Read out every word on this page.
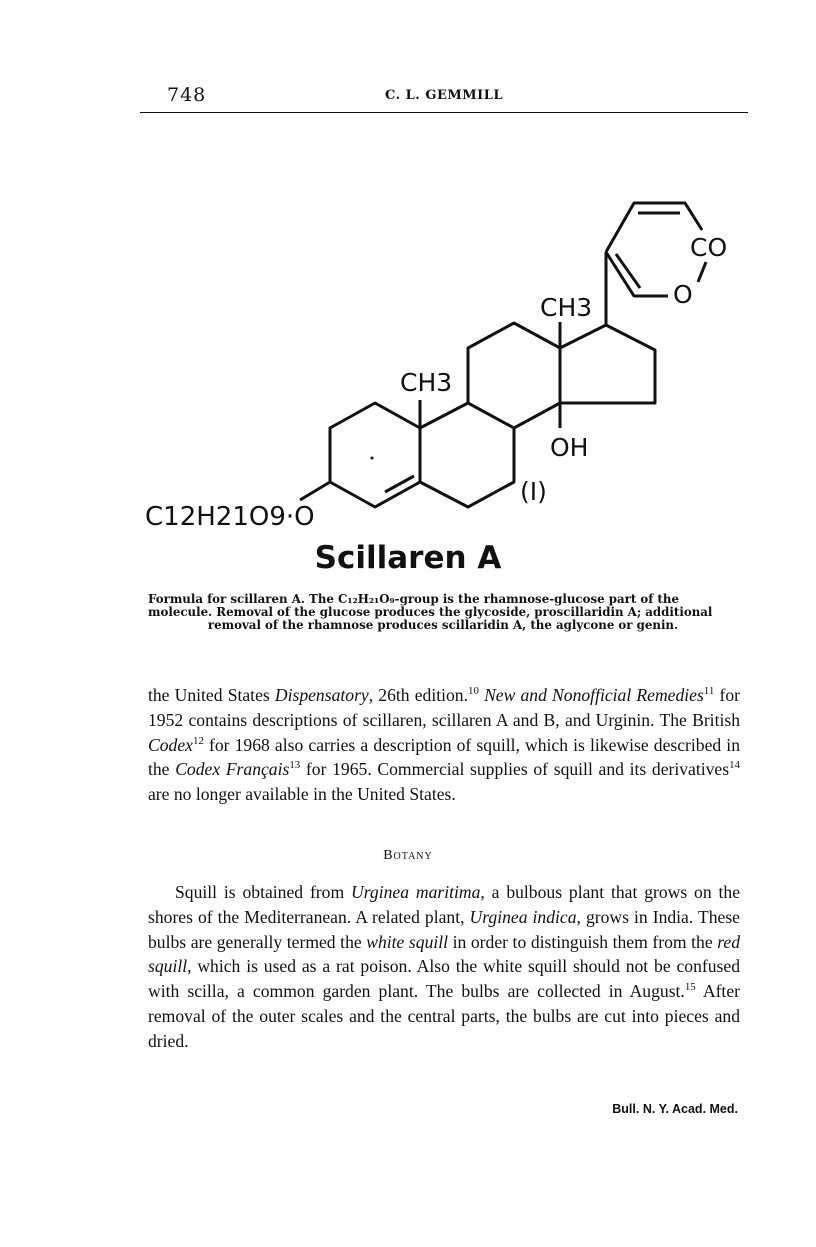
748	C. L. GEMMILL
CH3
CH3
OH
CO
O
(I)
C12H21O9·O
Scillaren A
Formula for scillaren A. The C₁₂H₂₁O₉-group is the rhamnose-glucose part of the
molecule. Removal of the glucose produces the glycoside, proscillaridin A; additional
removal of the rhamnose produces scillaridin A, the aglycone or genin.
the United States Dispensatory, 26th edition.$^{10}$ New and Nonofficial Remedies$^{11}$ for 1952 contains descriptions of scillaren, scillaren A and B, and Urginin. The British Codex$^{12}$ for 1968 also carries a description of squill, which is likewise described in the Codex Français$^{13}$ for 1965. Commercial supplies of squill and its derivatives$^{14}$ are no longer available in the United States.
Botany
Squill is obtained from Urginea maritima, a bulbous plant that grows on the shores of the Mediterranean. A related plant, Urginea indica, grows in India. These bulbs are generally termed the white squill in order to distinguish them from the red squill, which is used as a rat poison. Also the white squill should not be confused with scilla, a common garden plant. The bulbs are collected in August.$^{15}$ After removal of the outer scales and the central parts, the bulbs are cut into pieces and dried.
Bull. N. Y. Acad. Med.
